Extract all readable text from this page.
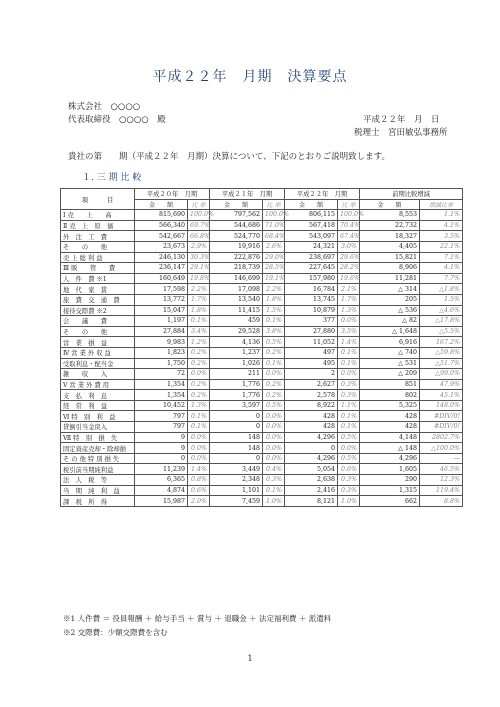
平成２２年　月期　決算要点
株式会社　○○○○
代表取締役　○○○○　殿	平成２２年　月　日
税理士　宮田敏弘事務所
貴社の第　　期（平成２２年　月期）決算について、下記のとおりご説明致します。
１. 三 期 比 較
項　　　目	平成２０年　月期		平成２１年　月期		平成２２年　月期		前期比較増減	
	金　　額	比 率	金　　額	比 率	金　　額	比 率	金　　額	増減比率
Ⅰ 売　　上　　高	815,690	100.0%	797,562	100.0%	806,115	100.0%	8,553	1.1%
Ⅱ 売　上　原　価	566,340	69.7%	544,686	71.0%	567,418	70.4%	22,732	4.1%
外　注　工　費	542,667	66.8%	524,770	68.4%	543,097	67.4%	18,327	3.5%
そ　　の　　他	23,673	2.9%	19,916	2.6%	24,321	3.0%	4,405	22.1%
売 上 総 利 益	246,130	30.3%	222,876	29.0%	238,697	29.6%	15,821	7.1%
Ⅲ 販　　管　　費	236,147	29.1%	218,739	28.5%	227,645	28.2%	8,906	4.1%
人　件　費 ※1	160,649	19.8%	146,699	19.1%	157,980	19.6%	11,281	7.7%
地　代　家　賃	17,598	2.2%	17,098	2.2%	16,784	2.1%	△ 314	△1.8%
旅　費　交　通　費	13,772	1.7%	13,540	1.8%	13,745	1.7%	205	1.5%
接待交際費 ※2	15,047	1.8%	11,415	1.5%	10,879	1.3%	△ 536	△4.6%
会　　議　　費	1,197	0.1%	459	0.1%	377	0.0%	△ 82	△17.8%
そ　　の　　他	27,884	3.4%	29,528	3.8%	27,880	3.5%	△ 1,648	△5.5%
営　業　損　益	9,983	1.2%	4,136	0.5%	11,052	1.4%	6,916	167.2%
Ⅳ 営 業 外 収 益	1,823	0.2%	1,237	0.2%	497	0.1%	△ 740	△59.8%
受取利息・配当金	1,750	0.2%	1,026	0.1%	495	0.1%	△ 531	△51.7%
雑　　収　　入	72	0.0%	211	0.0%	2	0.0%	△ 209	△99.0%
Ⅴ 営 業 外 費 用	1,354	0.2%	1,776	0.2%	2,627	0.3%	851	47.9%
支　払　利　息	1,354	0.2%	1,776	0.2%	2,578	0.3%	802	45.1%
経　常　利　益	10,452	1.3%	3,597	0.5%	8,922	1.1%	5,325	148.0%
Ⅵ 特　別　利　益	797	0.1%	0	0.0%	428	0.1%	428	#DIV/0!
貸倒引当金戻入	797	0.1%	0	0.0%	428	0.1%	428	#DIV/0!
Ⅶ 特　別　損　失	9	0.0%	148	0.0%	4,296	0.5%	4,148	2802.7%
固定資産売却・除却損	9	0.0%	148	0.0%	0	0.0%	△ 148	△100.0%
そ の 他 特 別 損 失	0	0.0%	0	0.0%	4,296	0.5%	4,296	—
税引前当期純利益	11,239	1.4%	3,449	0.4%	5,054	0.6%	1,605	46.5%
法　人　税　等	6,365	0.8%	2,348	0.3%	2,638	0.3%	290	12.3%
当　期　純　利　益	4,874	0.6%	1,101	0.1%	2,416	0.3%	1,315	119.4%
課　税　所　得	15,987	2.0%	7,459	1.0%	8,121	1.0%	662	8.8%
※1 人件費 ＝ 役員報酬 ＋ 給与手当 ＋ 賞与 ＋ 退職金 ＋ 法定福利費 ＋ 派遣料
※2 交際費：少額交際費を含む
1
